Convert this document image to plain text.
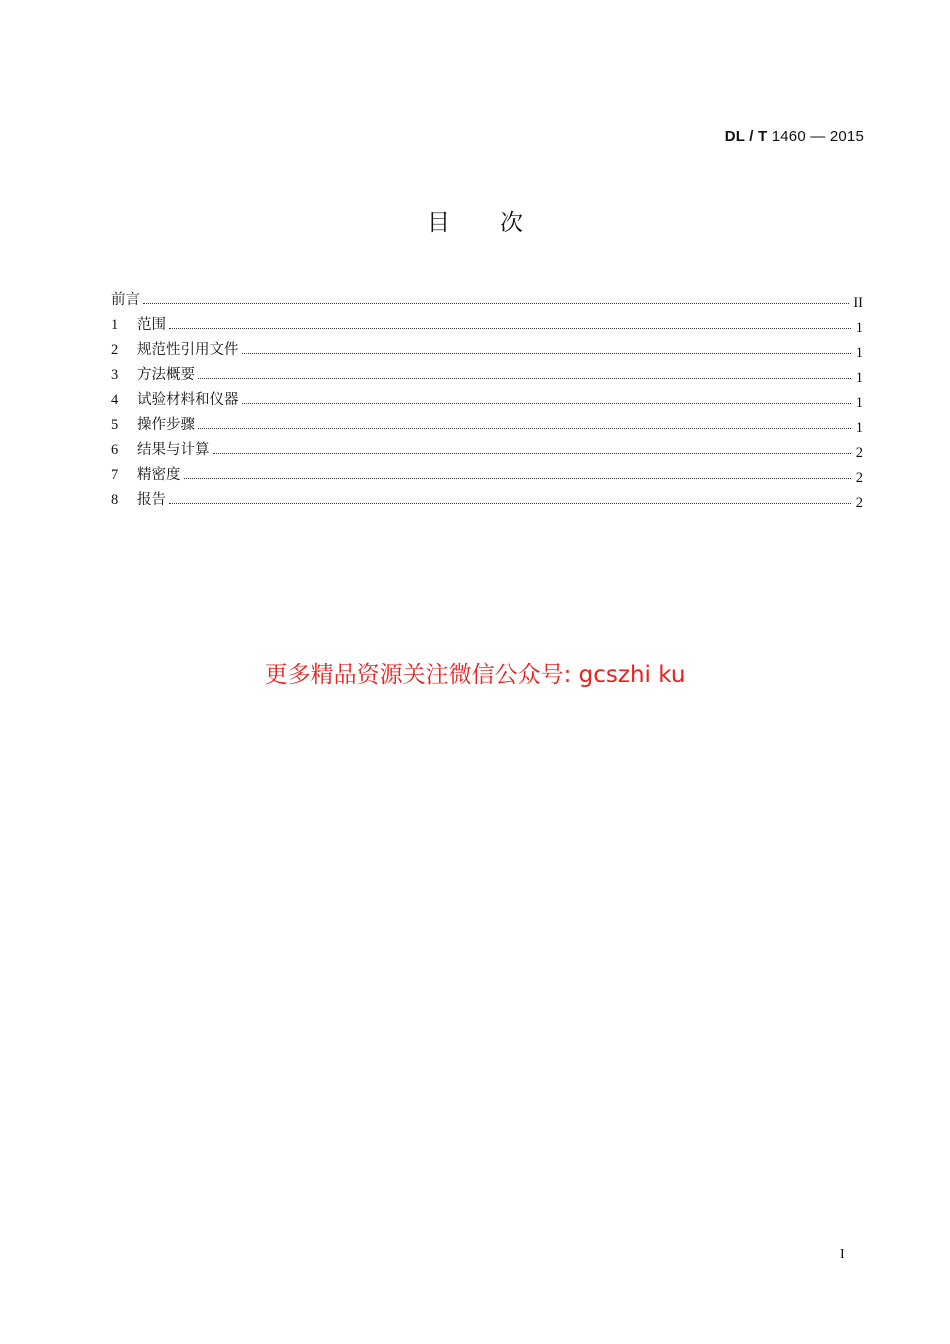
DL / T 1460 — 2015
目次
前言	II
1	范围	1
2	规范性引用文件	1
3	方法概要	1
4	试验材料和仪器	1
5	操作步骤	1
6	结果与计算	2
7	精密度	2
8	报告	2
更多精品资源关注微信公众号: gcszhi ku
I
